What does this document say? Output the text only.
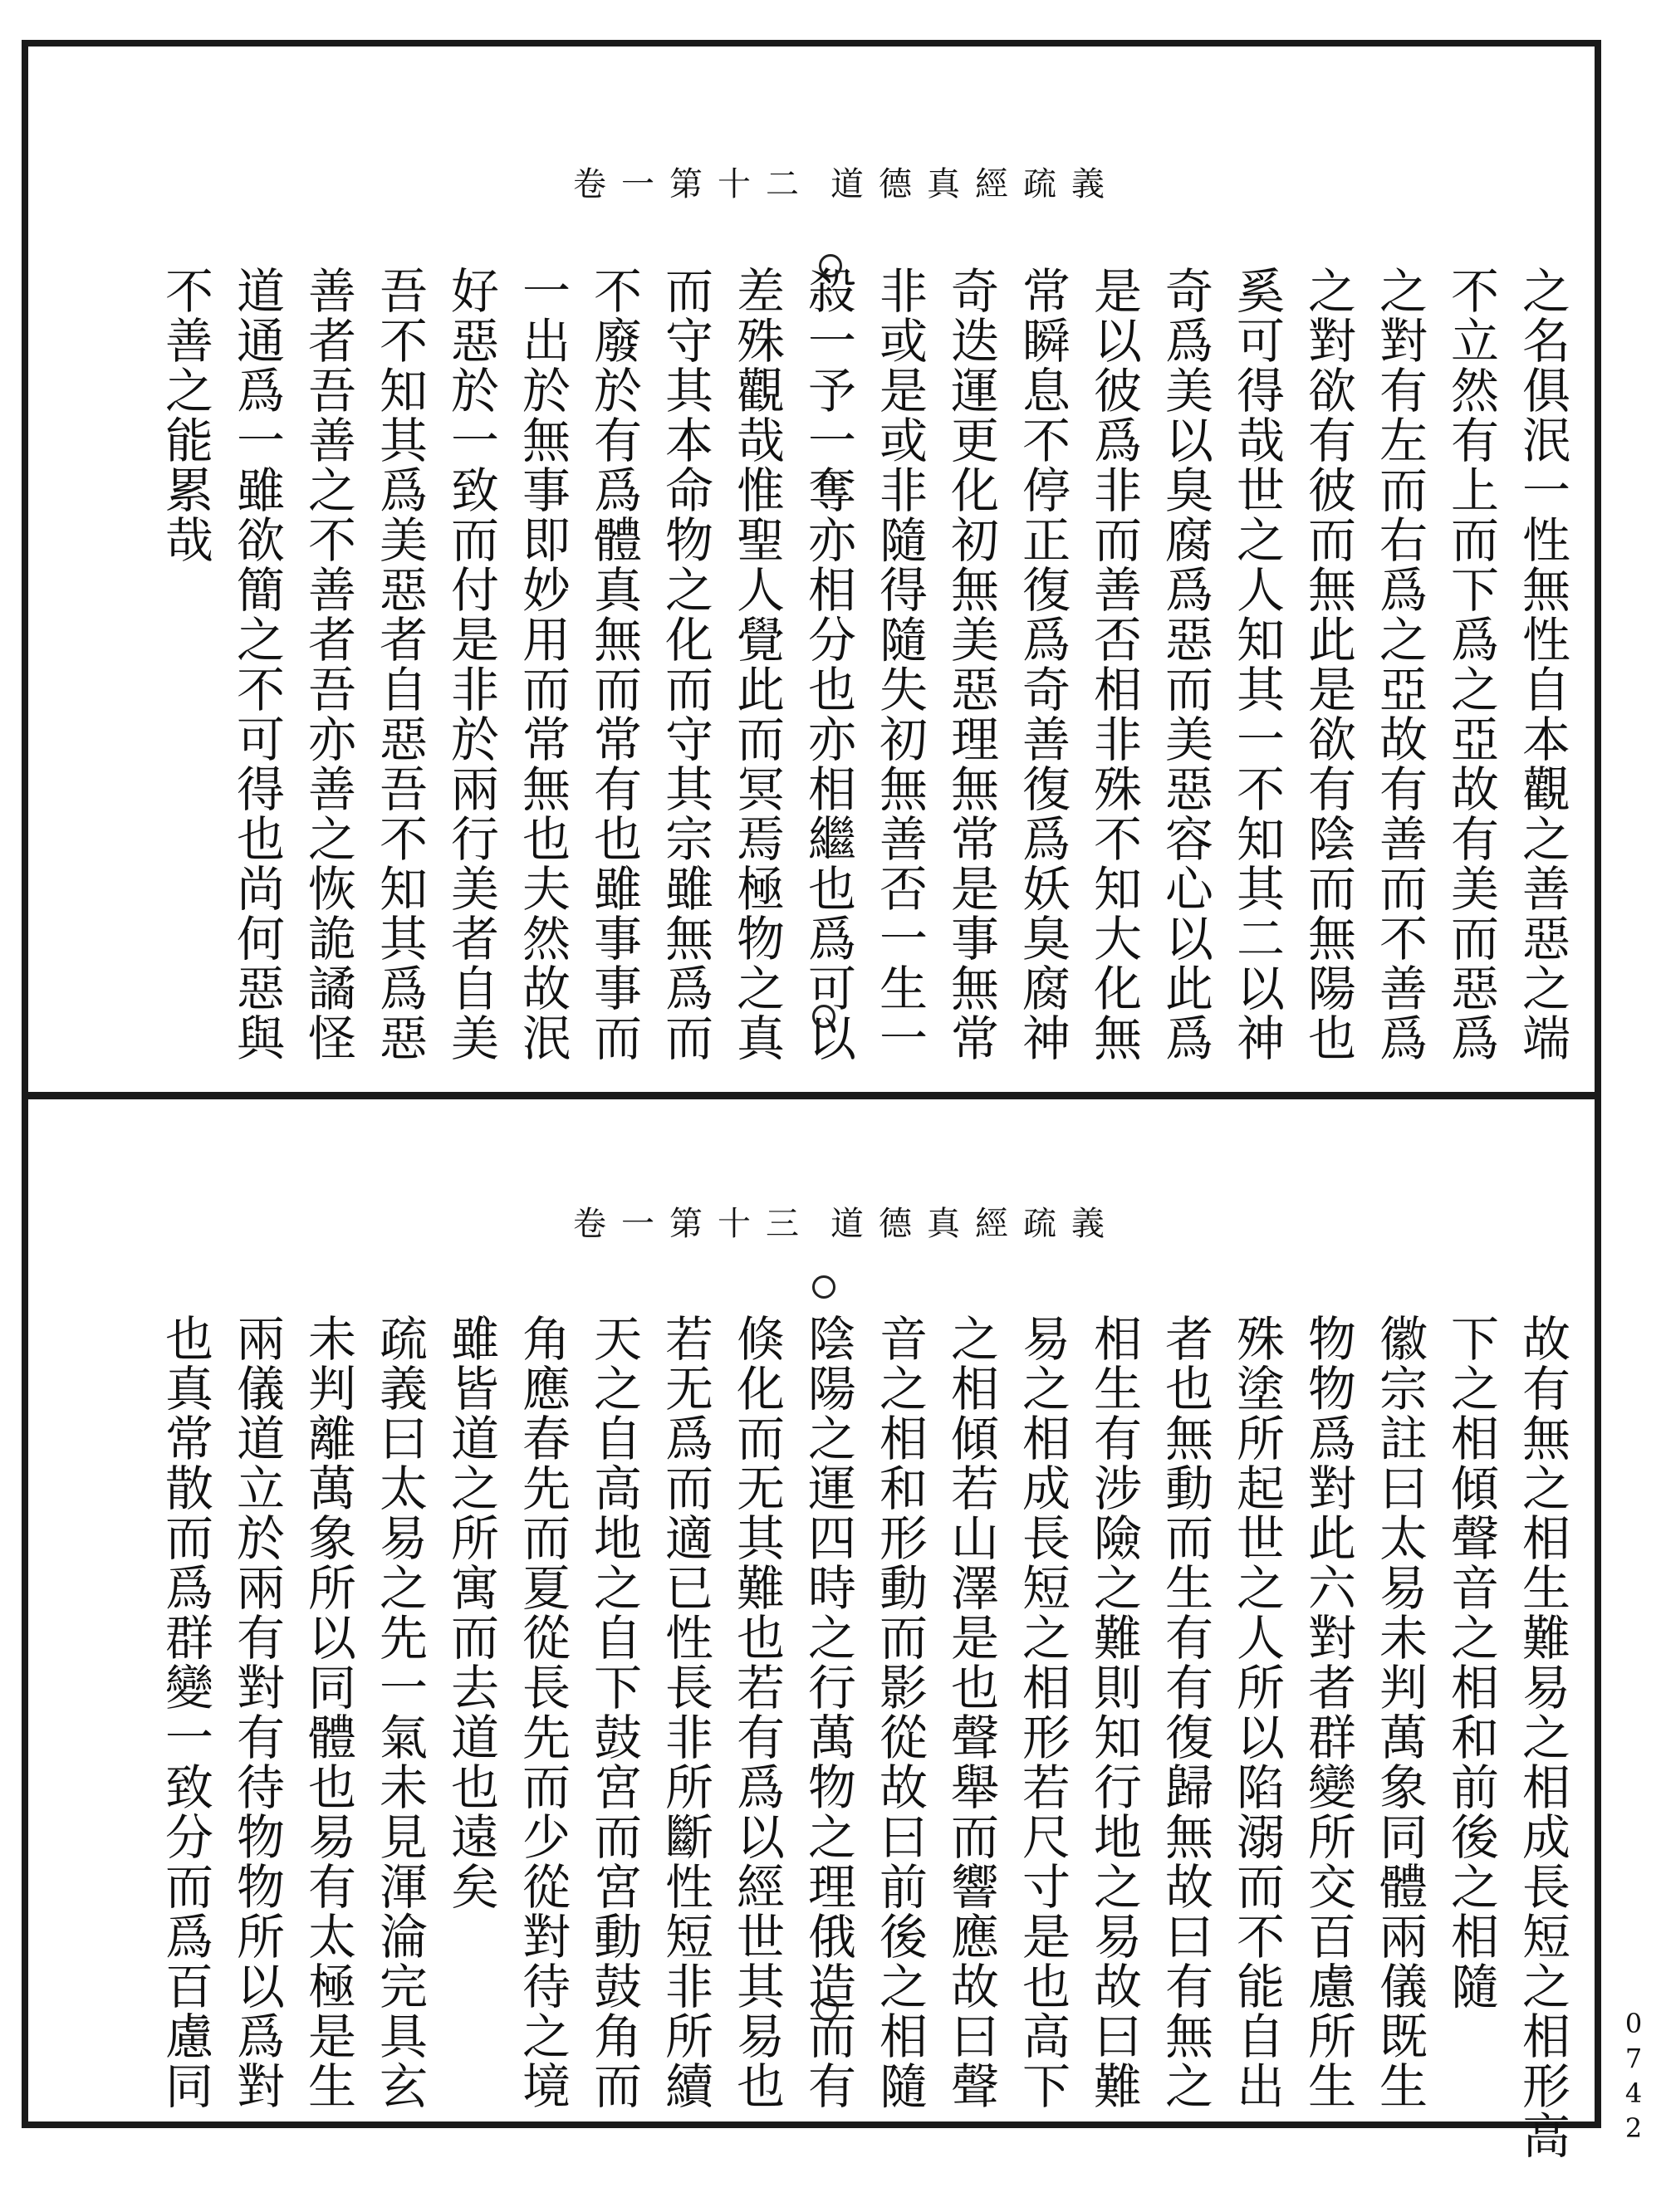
道德真經疏義
卷一第十二
之名俱泯一性無性自本觀之善惡之端
不立然有上而下爲之亞故有美而惡爲
之對有左而右爲之亞故有善而不善爲
之對欲有彼而無此是欲有陰而無陽也
奚可得哉世之人知其一不知其二以神
奇爲美以臭腐爲惡而美惡容心以此爲
是以彼爲非而善否相非殊不知大化無
常瞬息不停正復爲奇善復爲妖臭腐神
奇迭運更化初無美惡理無常是事無常
非或是或非隨得隨失初無善否一生一
殺一予一奪亦相分也亦相繼也爲可以
差殊觀哉惟聖人覺此而冥焉極物之真
而守其本命物之化而守其宗雖無爲而
不廢於有爲體真無而常有也雖事事而
一出於無事即妙用而常無也夫然故泯
好惡於一致而付是非於兩行美者自美
吾不知其爲美惡者自惡吾不知其爲惡
善者吾善之不善者吾亦善之恢詭譎怪
道通爲一雖欲簡之不可得也尚何惡與
不善之能累哉
道德真經疏義
卷一第十三
故有無之相生難易之相成長短之相形高
下之相傾聲音之相和前後之相隨
徽宗註曰太易未判萬象同體兩儀既生
物物爲對此六對者群變所交百慮所生
殊塗所起世之人所以陷溺而不能自出
者也無動而生有有復歸無故曰有無之
相生有涉險之難則知行地之易故曰難
易之相成長短之相形若尺寸是也高下
之相傾若山澤是也聲舉而響應故曰聲
音之相和形動而影從故曰前後之相隨
陰陽之運四時之行萬物之理俄造而有
倏化而无其難也若有爲以經世其易也
若无爲而適已性長非所斷性短非所續
天之自高地之自下鼓宮而宮動鼓角而
角應春先而夏從長先而少從對待之境
雖皆道之所寓而去道也遠矣
疏義曰太易之先一氣未見渾淪完具玄
未判離萬象所以同體也易有太極是生
兩儀道立於兩有對有待物物所以爲對
也真常散而爲群變一致分而爲百慮同	0742
